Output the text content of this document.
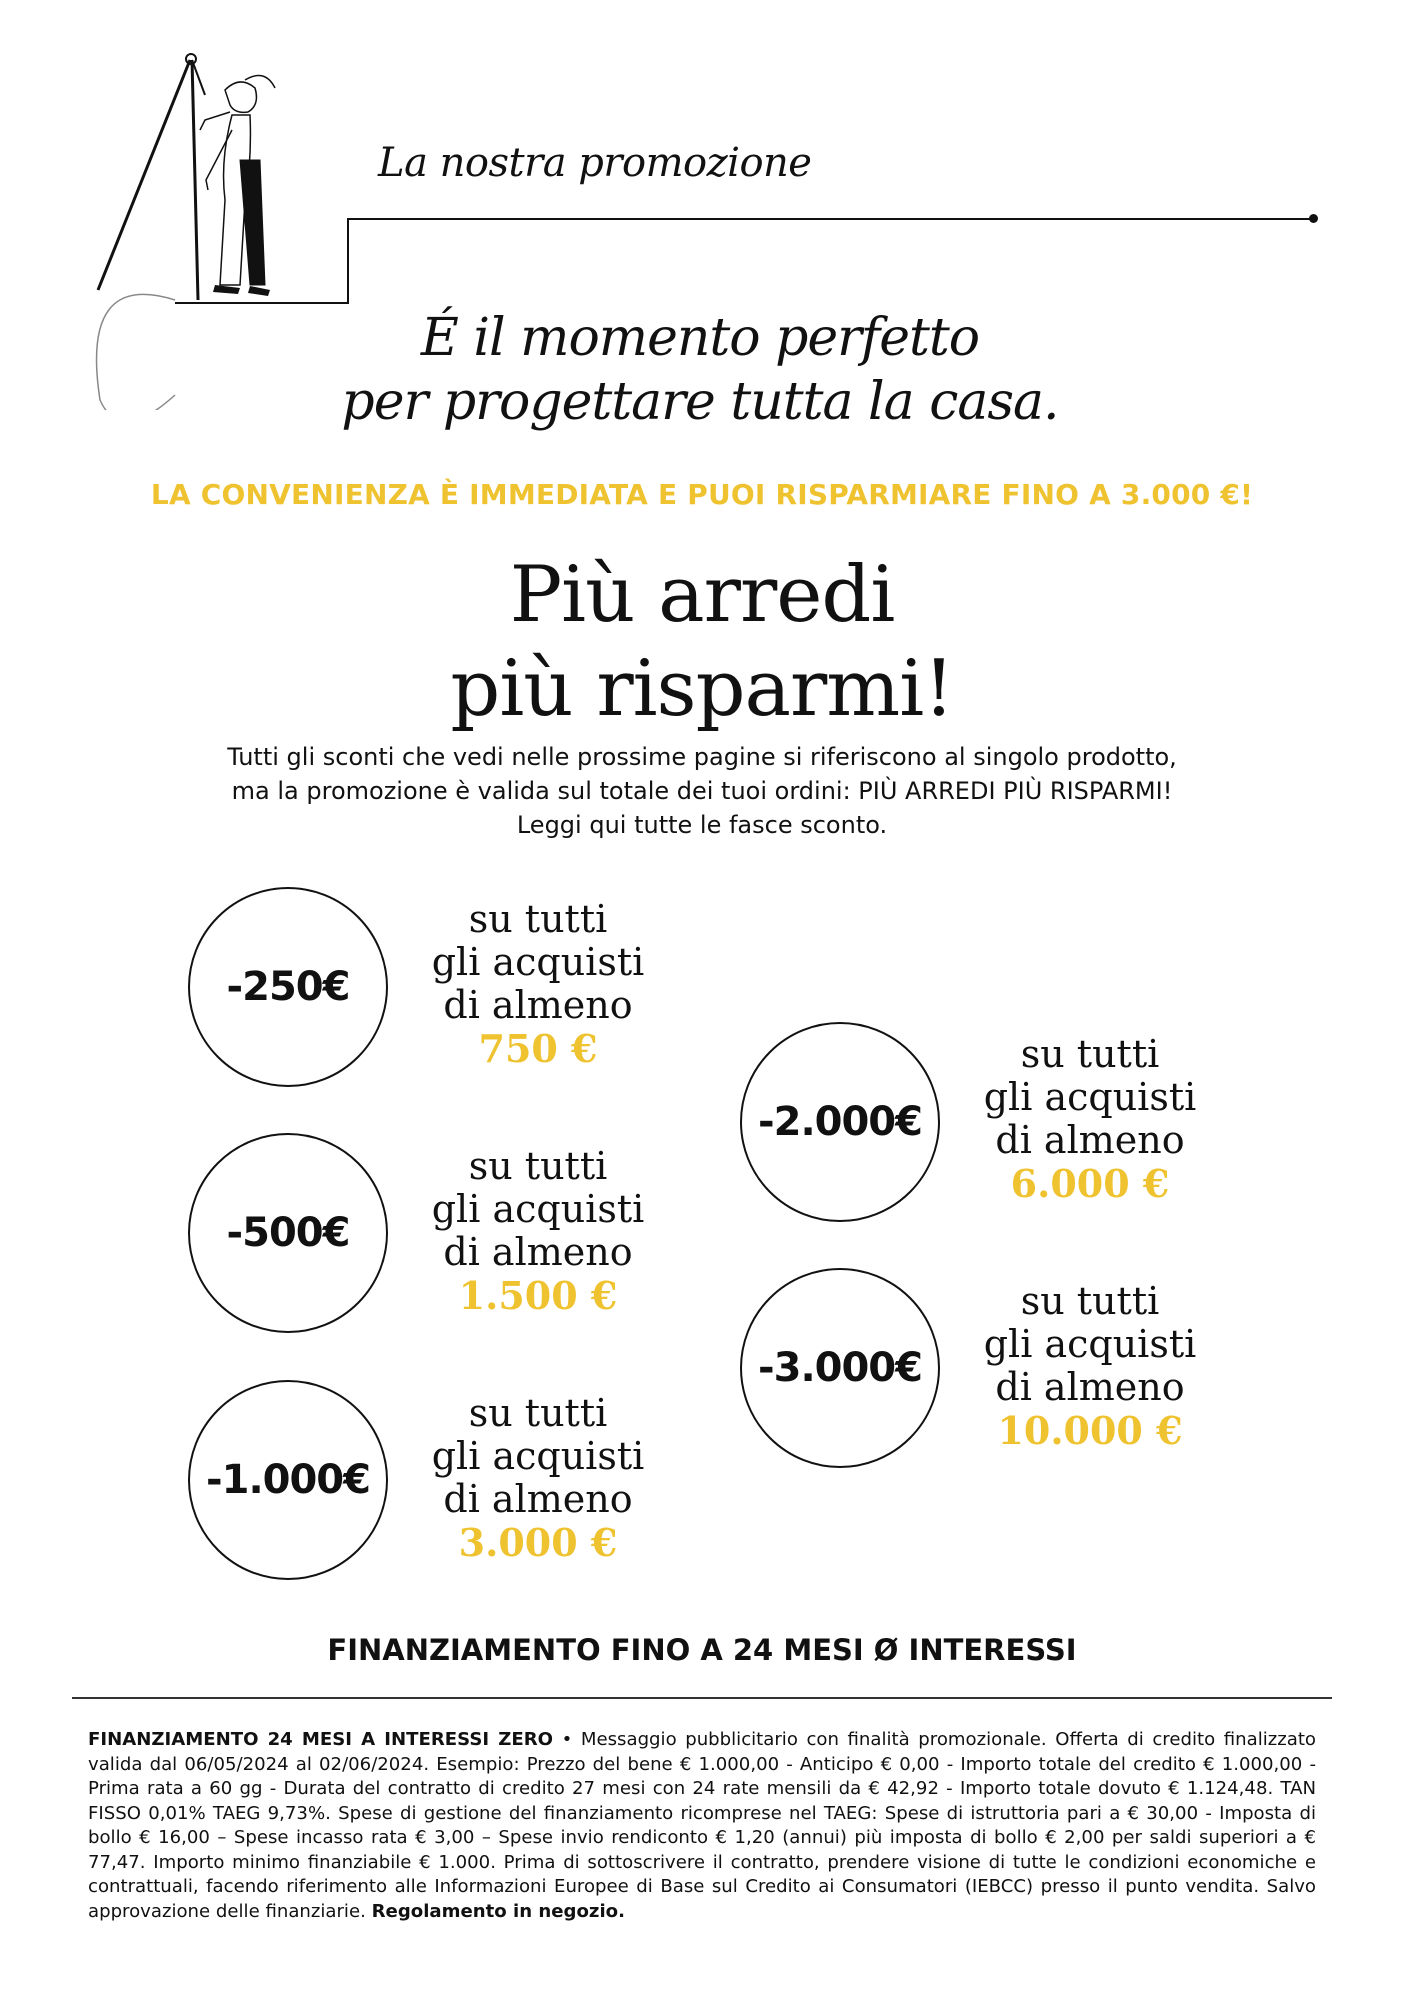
La nostra promozione
É il momento perfetto
per progettare tutta la casa.
LA CONVENIENZA È IMMEDIATA E PUOI RISPARMIARE FINO A 3.000 €!
Più arredi
più risparmi!
Tutti gli sconti che vedi nelle prossime pagine si riferiscono al singolo prodotto,
ma la promozione è valida sul totale dei tuoi ordini: PIÙ ARREDI PIÙ RISPARMI!
Leggi qui tutte le fasce sconto.
-250€
su tutti
gli acquisti
di almeno
750 €
-500€
su tutti
gli acquisti
di almeno
1.500 €
-1.000€
su tutti
gli acquisti
di almeno
3.000 €
-2.000€
su tutti
gli acquisti
di almeno
6.000 €
-3.000€
su tutti
gli acquisti
di almeno
10.000 €
FINANZIAMENTO FINO A 24 MESI Ø INTERESSI
FINANZIAMENTO 24 MESI A INTERESSI ZERO • Messaggio pubblicitario con finalità promozionale. Offerta di credito finalizzato valida dal 06/05/2024 al 02/06/2024. Esempio: Prezzo del bene € 1.000,00 - Anticipo € 0,00 - Importo totale del credito € 1.000,00 - Prima rata a 60 gg - Durata del contratto di credito 27 mesi con 24 rate mensili da € 42,92 - Importo totale dovuto € 1.124,48. TAN FISSO 0,01% TAEG 9,73%. Spese di gestione del finanziamento ricomprese nel TAEG: Spese di istruttoria pari a € 30,00 - Imposta di bollo € 16,00 – Spese incasso rata € 3,00 – Spese invio rendiconto € 1,20 (annui) più imposta di bollo € 2,00 per saldi superiori a € 77,47. Importo minimo finanziabile € 1.000. Prima di sottoscrivere il contratto, prendere visione di tutte le condizioni economiche e contrattuali, facendo riferimento alle Informazioni Europee di Base sul Credito ai Consumatori (IEBCC) presso il punto vendita. Salvo approvazione delle finanziarie. Regolamento in negozio.
